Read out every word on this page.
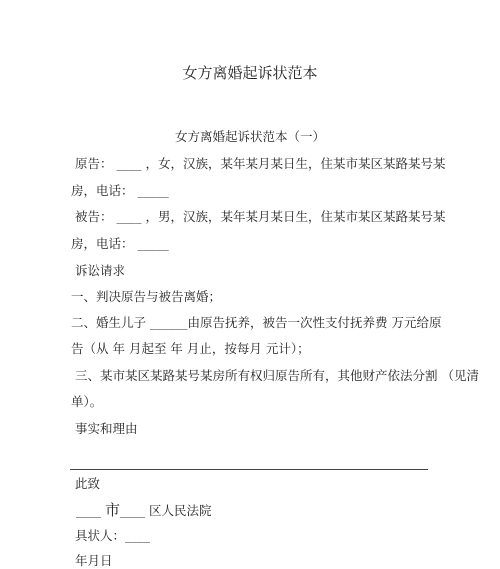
女方离婚起诉状范本
女方离婚起诉状范本（一）
原告： ____ ，女，汉族，某年某月某日生，住某市某区某路某号某
房，电话： _____
被告： ____ ，男，汉族，某年某月某日生，住某市某区某路某号某
房，电话： _____
诉讼请求
一、判决原告与被告离婚；
二、婚生儿子 ______由原告抚养，被告一次性支付抚养费 万元给原
告（从 年 月起至 年 月止，按每月 元计）；
三、某市某区某路某号某房所有权归原告所有，其他财产依法分割 （见清
单）。
事实和理由
此致
____ 市____ 区人民法院
具状人：____
年月日
